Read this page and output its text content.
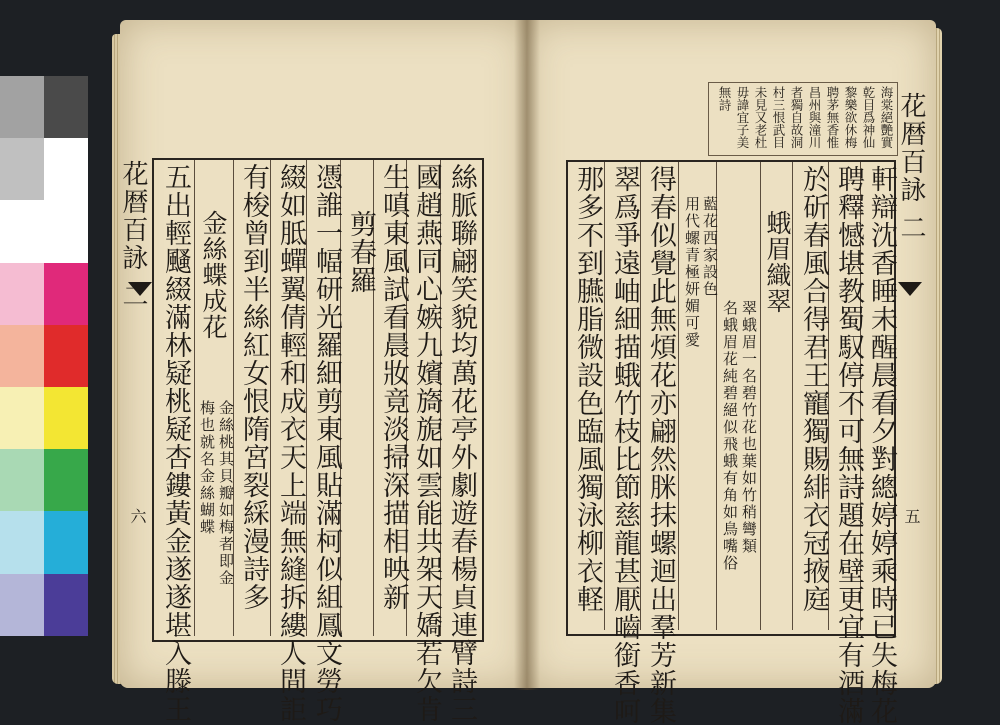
花暦百詠 二
六	絲脈聯翩笑貌均萬花亭外劇遊春楊貞連臂詩三
國趙燕同心嫉九嬪旖旎如雲能共架天嬌若欠肯
生嗔東風試看晨妝竟淡掃深描相映新
剪春羅
憑誰一幅研光羅細剪東風貼滿柯似組鳳文勞巧
綴如胝蟬翼倩輕和成衣天上端無縫拆縷人間詎
有梭曾到半絲紅女恨隋宮裂綵漫詩多
金絲蝶成花
金絲桃其貝瓣如梅者即金
梅也就名金絲蝴蝶
五出輕颾綴滿林疑桃疑杏鏤黃金遂遂堪入滕王
海棠絕艷實
乾目爲神仙
黎樂欲休梅
聘茅無香惟
昌州與潼川
者獨自故洞
村三恨武目
未見又老杜
毋諱宜子美
無詩	花暦百詠 二
五
軒辯沈香睡未醒晨看夕對總婷婷乘時已失梅花
聘釋憾堪教蜀馭停不可無詩題在壁更宜有酒滿
於斫春風合得君王寵獨賜緋衣冠掖庭
蛾眉織翠
翠蛾眉一名碧竹花也葉如竹稍彎類
名蛾眉花純碧絕似飛蛾有角如鳥嘴俗
藍花西家設色
用代螺青極妍媚可愛
得春似覺此無煩花亦翩然脒抹螺迴出羣芳新集
翠爲爭遠岫細描蛾竹枝比節慈龍甚厭嚙銜香呵
那多不到臙脂微設色臨風獨泳柳衣軽
